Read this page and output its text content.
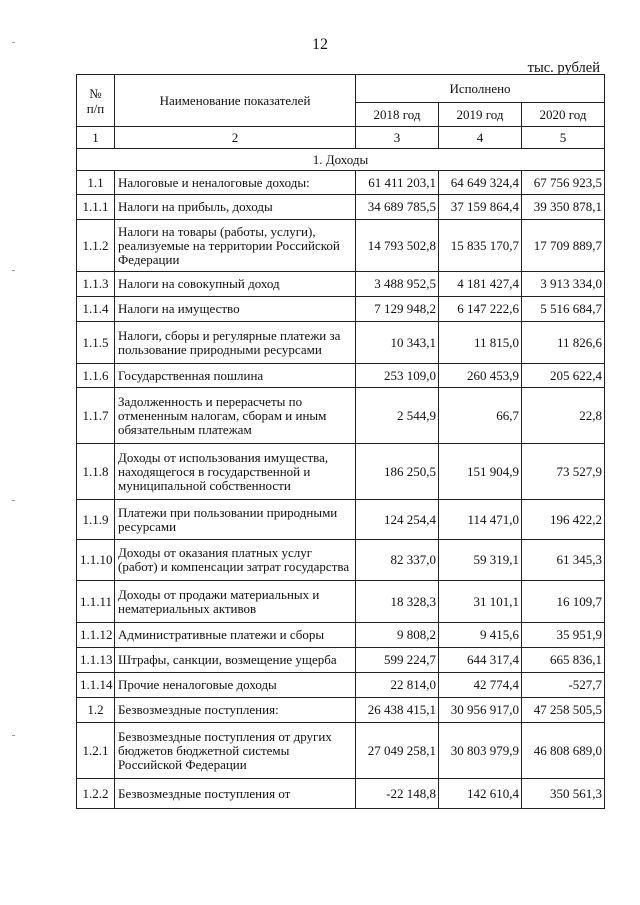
12
тыс. рублей
№
п/п	Наименование показателей	Исполнено		
		2018 год	2019 год	2020 год
1	2	3	4	5
1. Доходы				
1.1	Налоговые и неналоговые доходы:	61 411 203,1	64 649 324,4	67 756 923,5
1.1.1	Налоги на прибыль, доходы	34 689 785,5	37 159 864,4	39 350 878,1
1.1.2	Налоги на товары (работы, услуги), реализуемые на территории Российской Федерации	14 793 502,8	15 835 170,7	17 709 889,7
1.1.3	Налоги на совокупный доход	3 488 952,5	4 181 427,4	3 913 334,0
1.1.4	Налоги на имущество	7 129 948,2	6 147 222,6	5 516 684,7
1.1.5	Налоги, сборы и регулярные платежи за пользование природными ресурсами	10 343,1	11 815,0	11 826,6
1.1.6	Государственная пошлина	253 109,0	260 453,9	205 622,4
1.1.7	Задолженность и перерасчеты по отмененным налогам, сборам и иным обязательным платежам	2 544,9	66,7	22,8
1.1.8	Доходы от использования имущества, находящегося в государственной и муниципальной собственности	186 250,5	151 904,9	73 527,9
1.1.9	Платежи при пользовании природными ресурсами	124 254,4	114 471,0	196 422,2
1.1.10	Доходы от оказания платных услуг (работ) и компенсации затрат государства	82 337,0	59 319,1	61 345,3
1.1.11	Доходы от продажи материальных и нематериальных активов	18 328,3	31 101,1	16 109,7
1.1.12	Административные платежи и сборы	9 808,2	9 415,6	35 951,9
1.1.13	Штрафы, санкции, возмещение ущерба	599 224,7	644 317,4	665 836,1
1.1.14	Прочие неналоговые доходы	22 814,0	42 774,4	-527,7
1.2	Безвозмездные поступления:	26 438 415,1	30 956 917,0	47 258 505,5
1.2.1	Безвозмездные поступления от других бюджетов бюджетной системы Российской Федерации	27 049 258,1	30 803 979,9	46 808 689,0
1.2.2	Безвозмездные поступления от	-22 148,8	142 610,4	350 561,3
